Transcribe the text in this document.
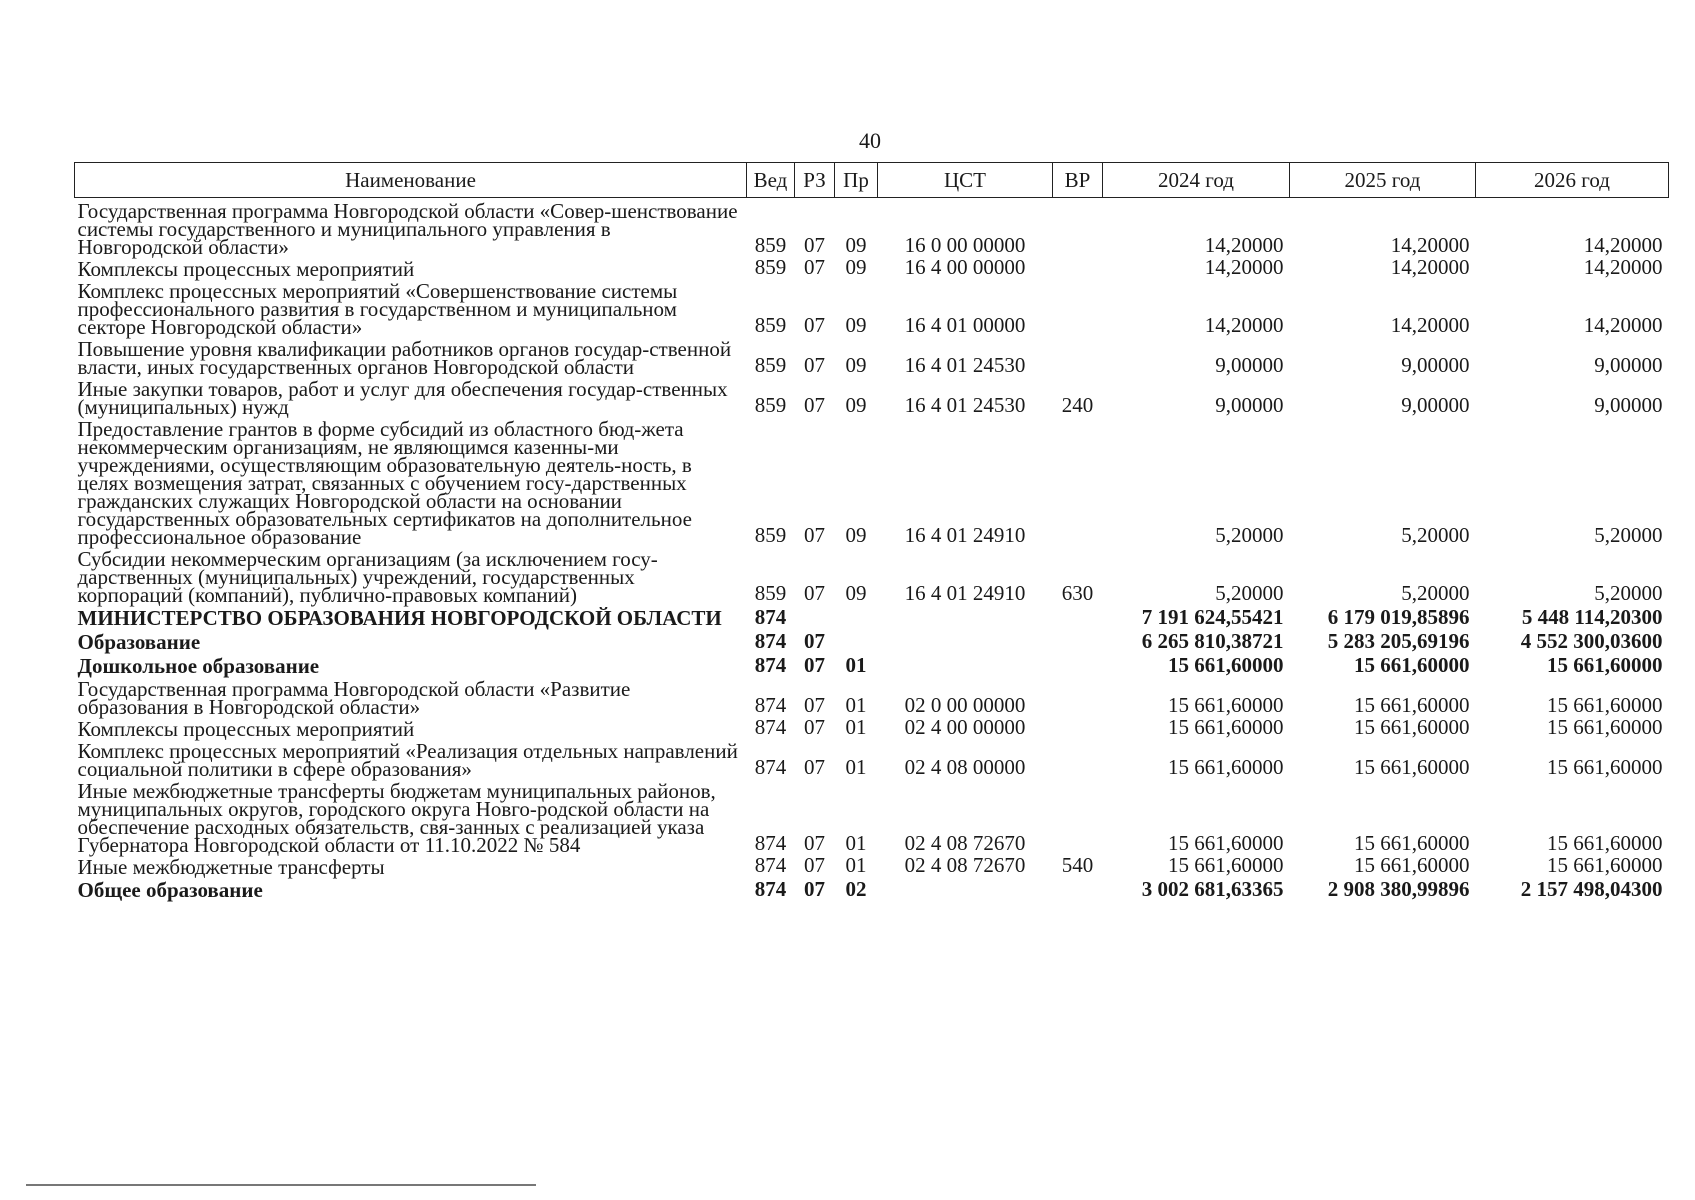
40
Наименование	Вед	РЗ	Пр	ЦСТ	ВР	2024 год	2025 год	2026 год
Государственная программа Новгородской области «Совер-шенствование системы государственного и муниципального управления в Новгородской области»	859	07	09	16 0 00 00000		14,20000	14,20000	14,20000
Комплексы процессных мероприятий	859	07	09	16 4 00 00000		14,20000	14,20000	14,20000
Комплекс процессных мероприятий «Совершенствование системы профессионального развития в государственном и муниципальном секторе Новгородской области»	859	07	09	16 4 01 00000		14,20000	14,20000	14,20000
Повышение уровня квалификации работников органов государ-ственной власти, иных государственных органов Новгородской области	859	07	09	16 4 01 24530		9,00000	9,00000	9,00000
Иные закупки товаров, работ и услуг для обеспечения государ-ственных (муниципальных) нужд	859	07	09	16 4 01 24530	240	9,00000	9,00000	9,00000
Предоставление грантов в форме субсидий из областного бюд-жета некоммерческим организациям, не являющимся казенны-ми учреждениями, осуществляющим образовательную деятель-ность, в целях возмещения затрат, связанных с обучением госу-дарственных гражданских служащих Новгородской области на основании государственных образовательных сертификатов на дополнительное профессиональное образование	859	07	09	16 4 01 24910		5,20000	5,20000	5,20000
Субсидии некоммерческим организациям (за исключением госу-дарственных (муниципальных) учреждений, государственных корпораций (компаний), публично-правовых компаний)	859	07	09	16 4 01 24910	630	5,20000	5,20000	5,20000
МИНИСТЕРСТВО ОБРАЗОВАНИЯ НОВГОРОДСКОЙ ОБЛАСТИ	874					7 191 624,55421	6 179 019,85896	5 448 114,20300
Образование	874	07				6 265 810,38721	5 283 205,69196	4 552 300,03600
Дошкольное образование	874	07	01			15 661,60000	15 661,60000	15 661,60000
Государственная программа Новгородской области «Развитие образования в Новгородской области»	874	07	01	02 0 00 00000		15 661,60000	15 661,60000	15 661,60000
Комплексы процессных мероприятий	874	07	01	02 4 00 00000		15 661,60000	15 661,60000	15 661,60000
Комплекс процессных мероприятий «Реализация отдельных направлений социальной политики в сфере образования»	874	07	01	02 4 08 00000		15 661,60000	15 661,60000	15 661,60000
Иные межбюджетные трансферты бюджетам муниципальных районов, муниципальных округов, городского округа Новго-родской области на обеспечение расходных обязательств, свя-занных с реализацией указа Губернатора Новгородской области от 11.10.2022 № 584	874	07	01	02 4 08 72670		15 661,60000	15 661,60000	15 661,60000
Иные межбюджетные трансферты	874	07	01	02 4 08 72670	540	15 661,60000	15 661,60000	15 661,60000
Общее образование	874	07	02			3 002 681,63365	2 908 380,99896	2 157 498,04300
